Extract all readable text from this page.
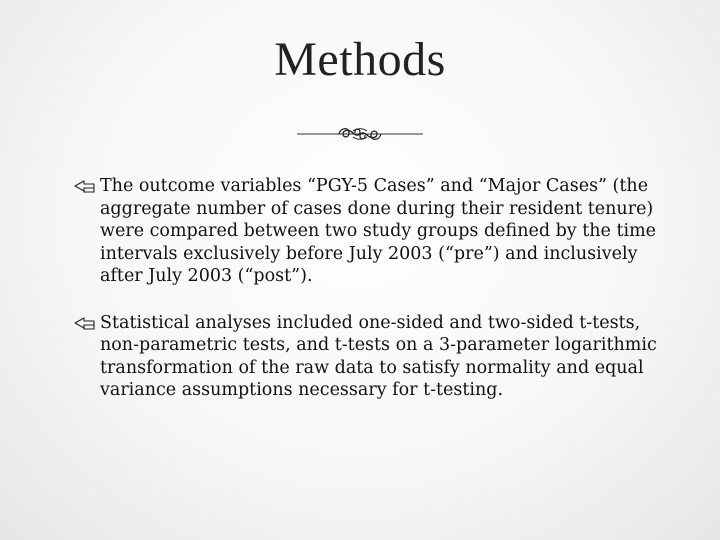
Methods
The outcome variables “PGY-5 Cases” and “Major Cases” (the aggregate number of cases done during their resident tenure) were compared between two study groups defined by the time intervals exclusively before July 2003 (“pre”) and inclusively after July 2003 (“post”).
Statistical analyses included one-sided and two-sided t-tests, non-parametric tests, and t-tests on a 3-parameter logarithmic transformation of the raw data to satisfy normality and equal variance assumptions necessary for t-testing.
